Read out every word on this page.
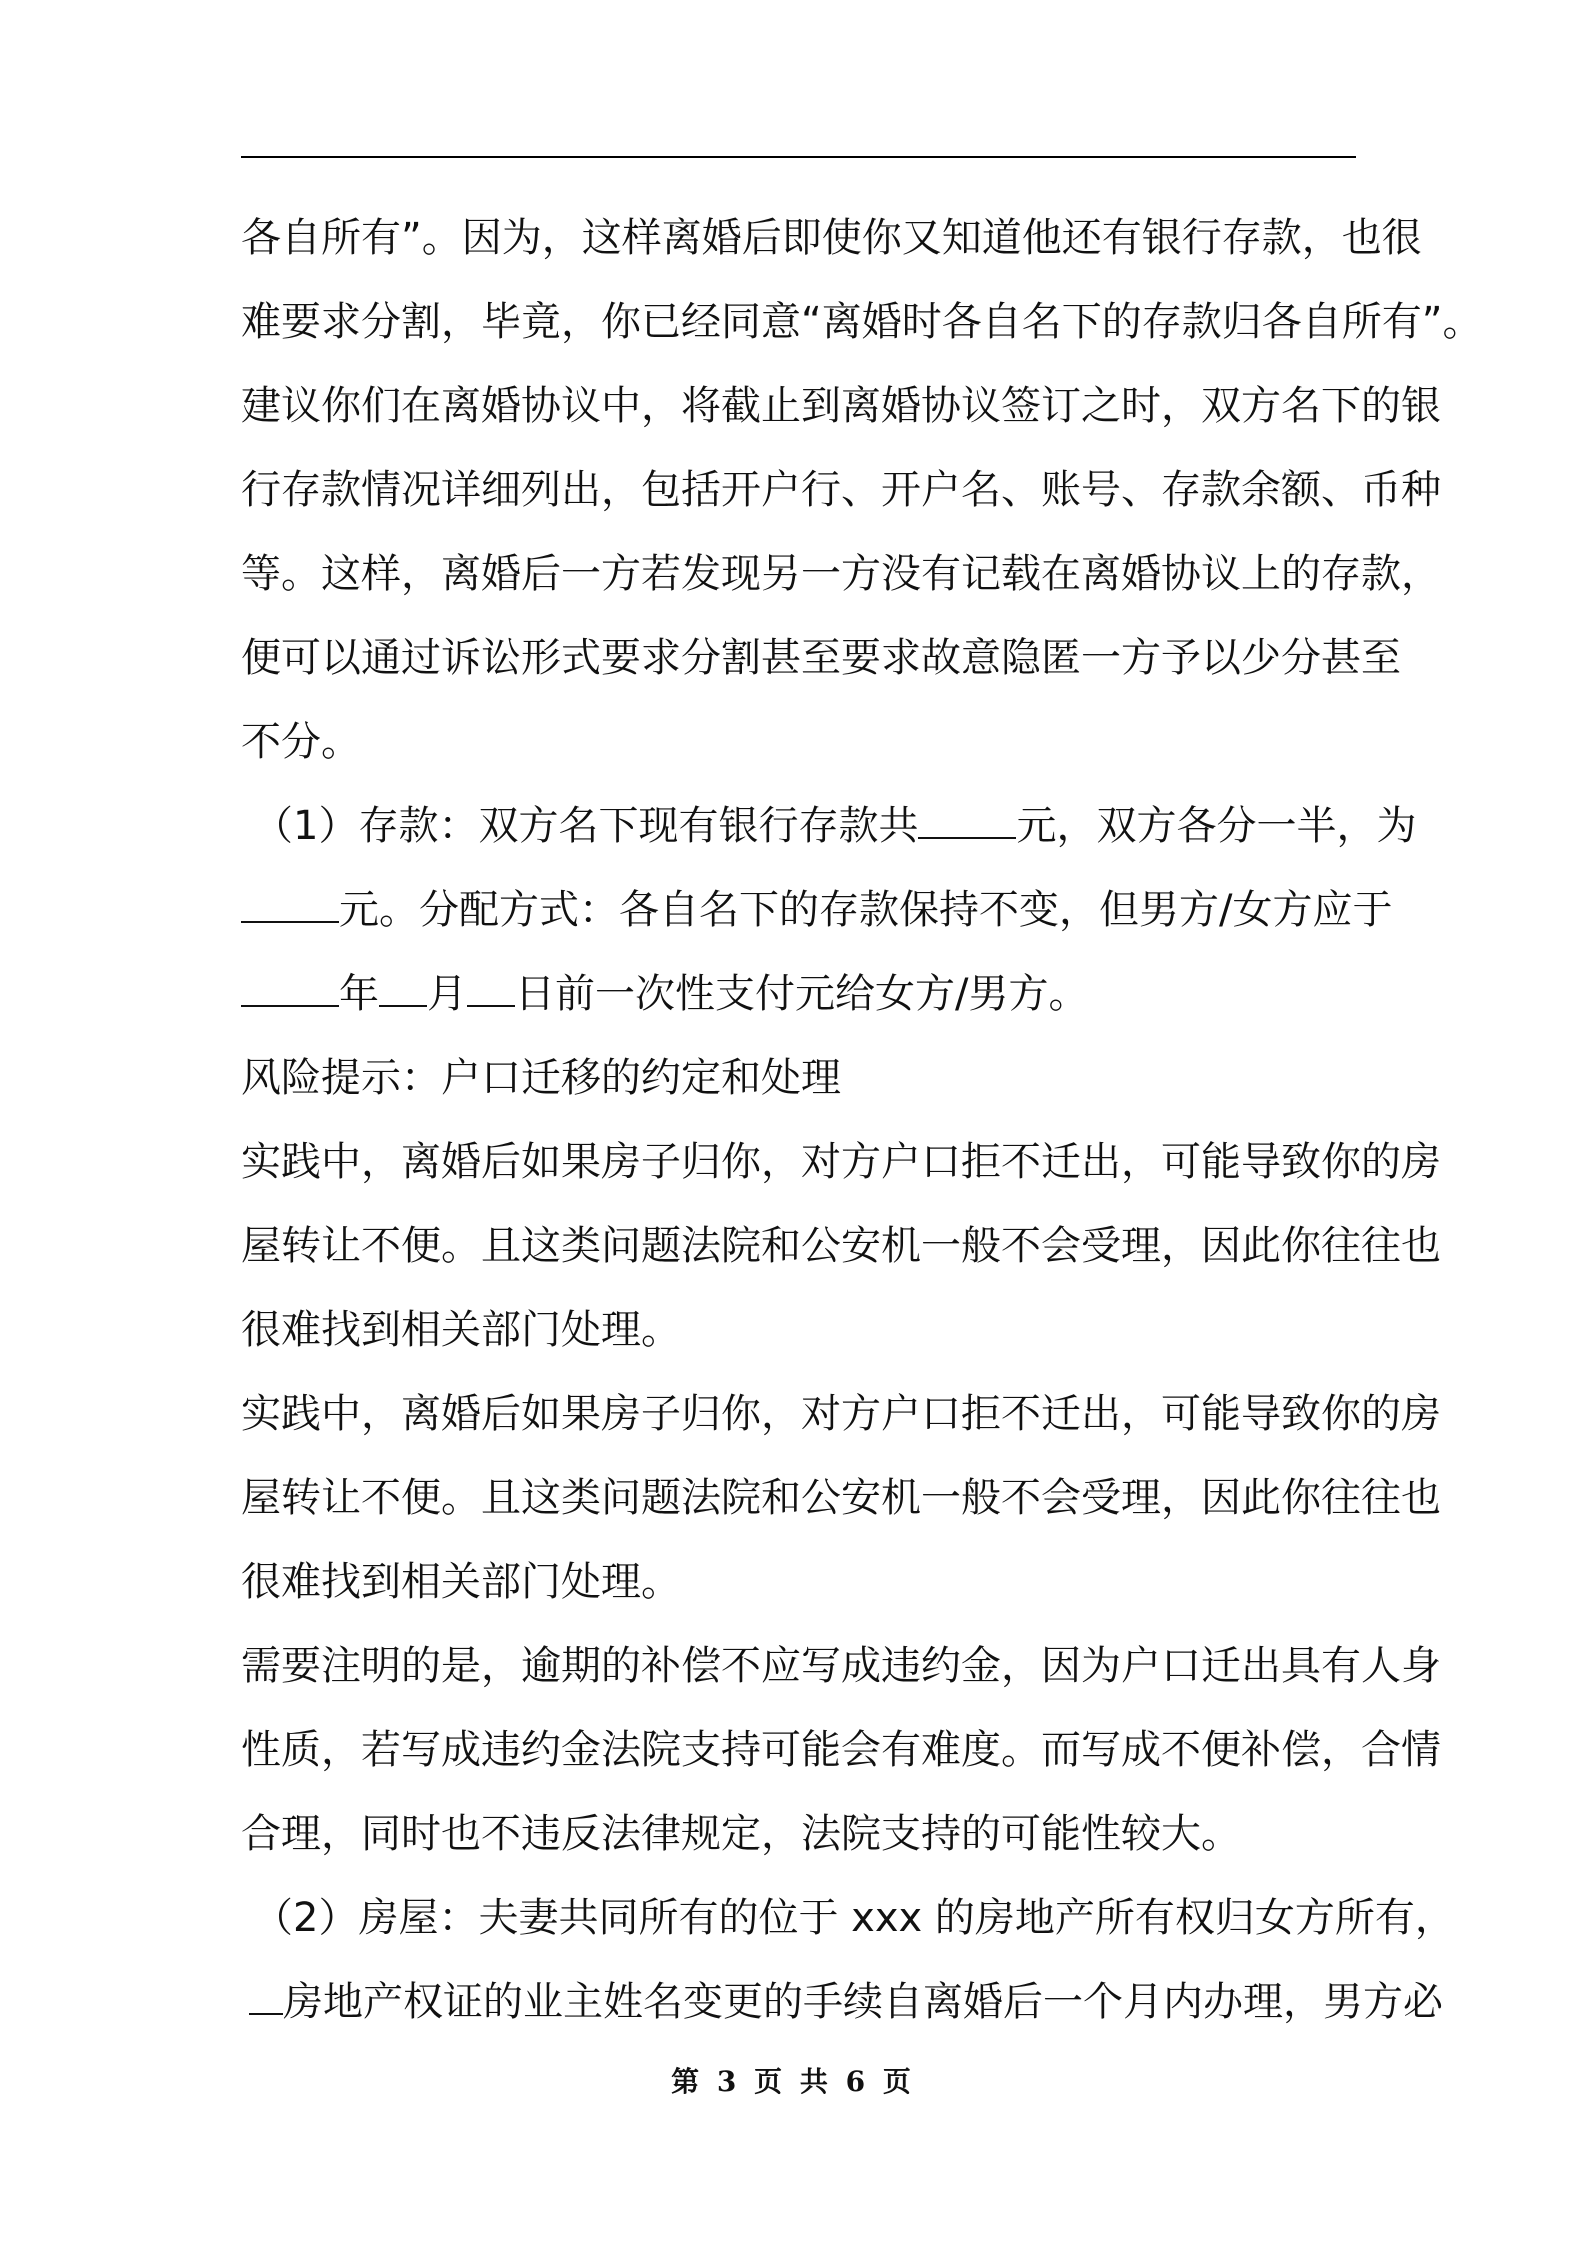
各自所有”。因为，这样离婚后即使你又知道他还有银行存款，也很
难要求分割，毕竟，你已经同意“离婚时各自名下的存款归各自所有”。
建议你们在离婚协议中，将截止到离婚协议签订之时，双方名下的银
行存款情况详细列出，包括开户行、开户名、账号、存款余额、币种
等。这样，离婚后一方若发现另一方没有记载在离婚协议上的存款，
便可以通过诉讼形式要求分割甚至要求故意隐匿一方予以少分甚至
不分。
（1）存款：双方名下现有银行存款共 元，双方各分一半，为
元。分配方式：各自名下的存款保持不变，但男方/女方应于
年 月 日前一次性支付元给女方/男方。
风险提示：户口迁移的约定和处理
实践中，离婚后如果房子归你，对方户口拒不迁出，可能导致你的房
屋转让不便。且这类问题法院和公安机一般不会受理，因此你往往也
很难找到相关部门处理。
实践中，离婚后如果房子归你，对方户口拒不迁出，可能导致你的房
屋转让不便。且这类问题法院和公安机一般不会受理，因此你往往也
很难找到相关部门处理。
需要注明的是，逾期的补偿不应写成违约金，因为户口迁出具有人身
性质，若写成违约金法院支持可能会有难度。而写成不便补偿，合情
合理，同时也不违反法律规定，法院支持的可能性较大。
（2）房屋：夫妻共同所有的位于 xxx 的房地产所有权归女方所有，
房地产权证的业主姓名变更的手续自离婚后一个月内办理，男方必
第 3 页 共 6 页
